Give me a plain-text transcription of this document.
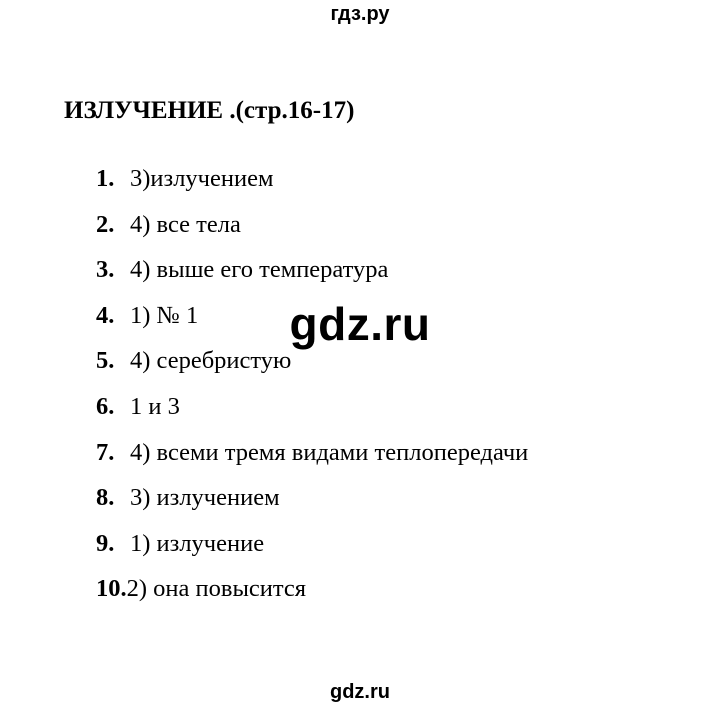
гдз.ру
ИЗЛУЧЕНИЕ .(стр.16-17)
1. 3)излучением
2. 4) все тела
3. 4) выше его температура
4. 1) № 1
5. 4) серебристую
6. 1 и 3
7. 4) всеми тремя видами теплопередачи
8. 3) излучением
9. 1) излучение
10.2) она повысится
gdz.ru
gdz.ru
